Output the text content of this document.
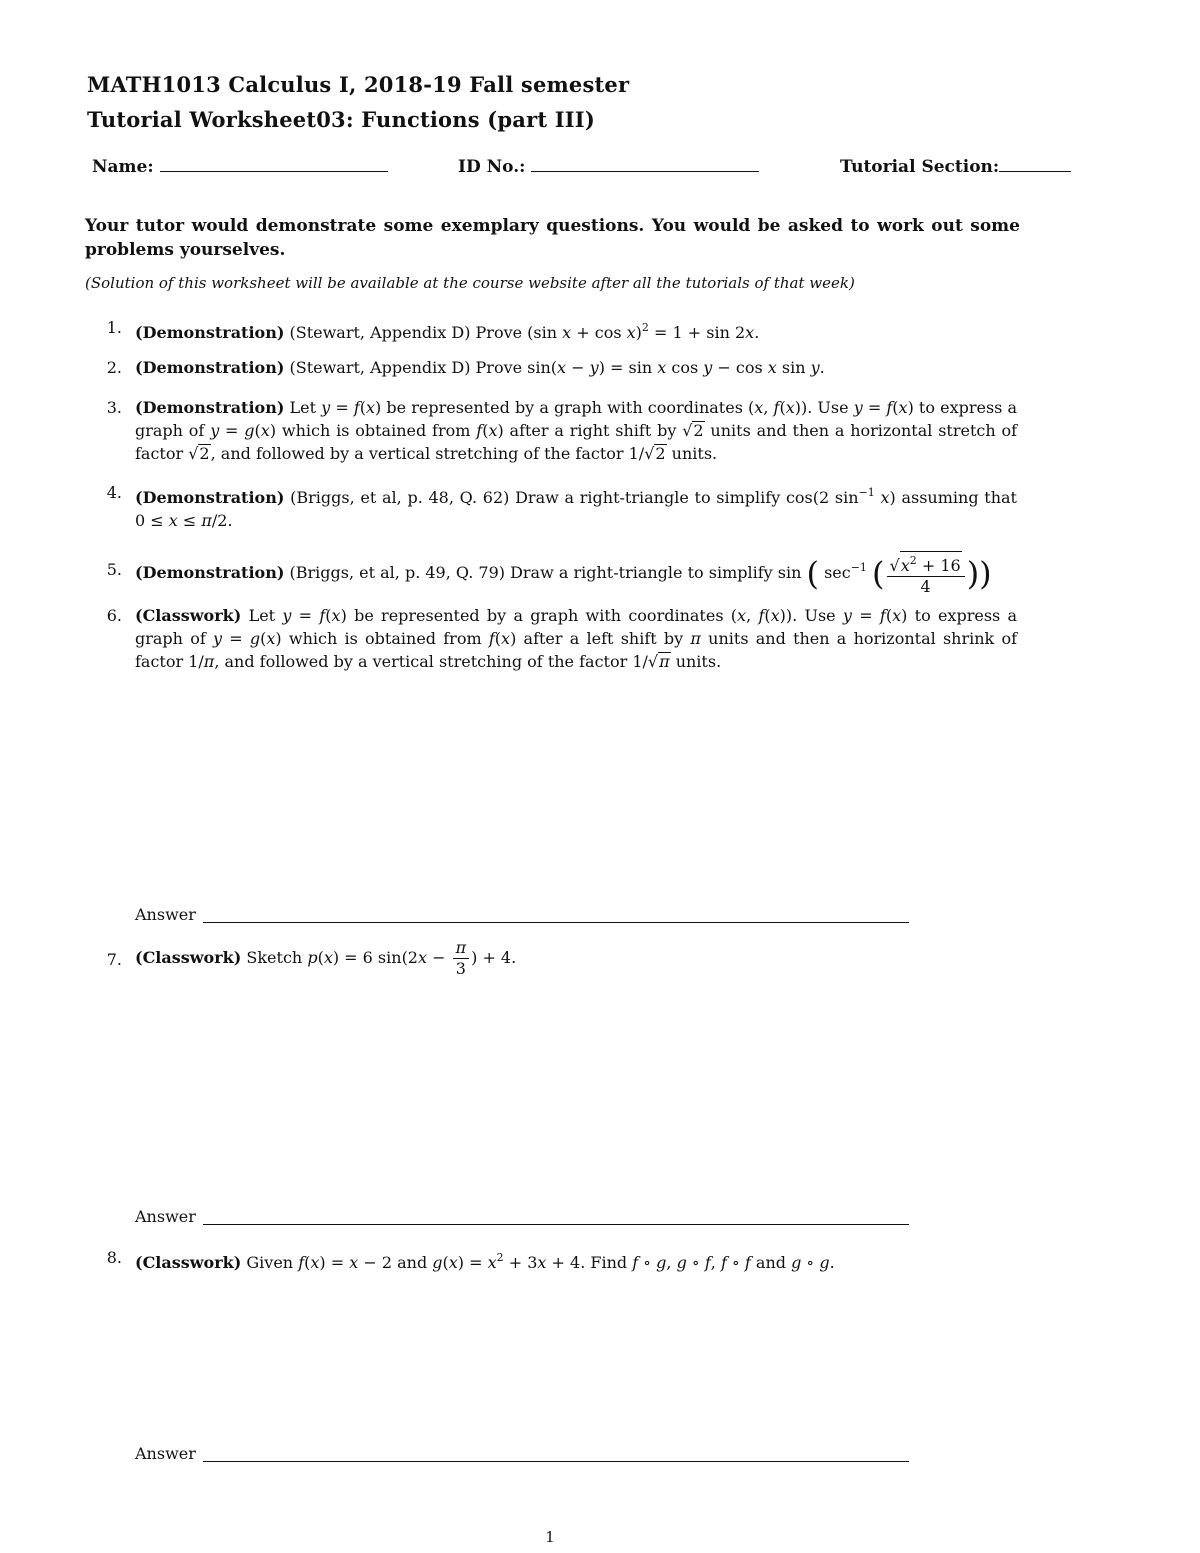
MATH1013 Calculus I, 2018-19 Fall semester
Tutorial Worksheet03: Functions (part III)
Name:	ID No.:	Tutorial Section:
Your tutor would demonstrate some exemplary questions. You would be asked to work out some problems yourselves.
(Solution of this worksheet will be available at the course website after all the tutorials of that week)
1. (Demonstration) (Stewart, Appendix D) Prove (sin x + cos x)$^2$ = 1 + sin 2x.
2. (Demonstration) (Stewart, Appendix D) Prove sin(x − y) = sin x cos y − cos x sin y.
3. (Demonstration) Let y = f(x) be represented by a graph with coordinates (x, f(x)). Use y = f(x) to express a graph of y = g(x) which is obtained from f(x) after a right shift by √2 units and then a horizontal stretch of factor √2, and followed by a vertical stretching of the factor 1/√2 units.
4. (Demonstration) (Briggs, et al, p. 48, Q. 62) Draw a right-triangle to simplify cos(2 $\sin^{-1} x$) assuming that 0 ≤ x ≤ π/2.
5. (Demonstration) (Briggs, et al, p. 49, Q. 79) Draw a right-triangle to simplify sin ( $\sec^{-1}$ ( $\frac{√x^2 + 16}{4}$ ))
6. (Classwork) Let y = f(x) be represented by a graph with coordinates (x, f(x)). Use y = f(x) to express a graph of y = g(x) which is obtained from f(x) after a left shift by π units and then a horizontal shrink of factor 1/π, and followed by a vertical stretching of the factor 1/√π units.
Answer
7. (Classwork) Sketch p(x) = 6 $\sin(2x - \frac{\pi}{3}$ ) + 4.
Answer
8. (Classwork) Given f(x) = x − 2 and $g(x) = x^2 + 3x + 4$. Find f ∘ g, g ∘ f, f ∘ f and g ∘ g.
Answer
1
